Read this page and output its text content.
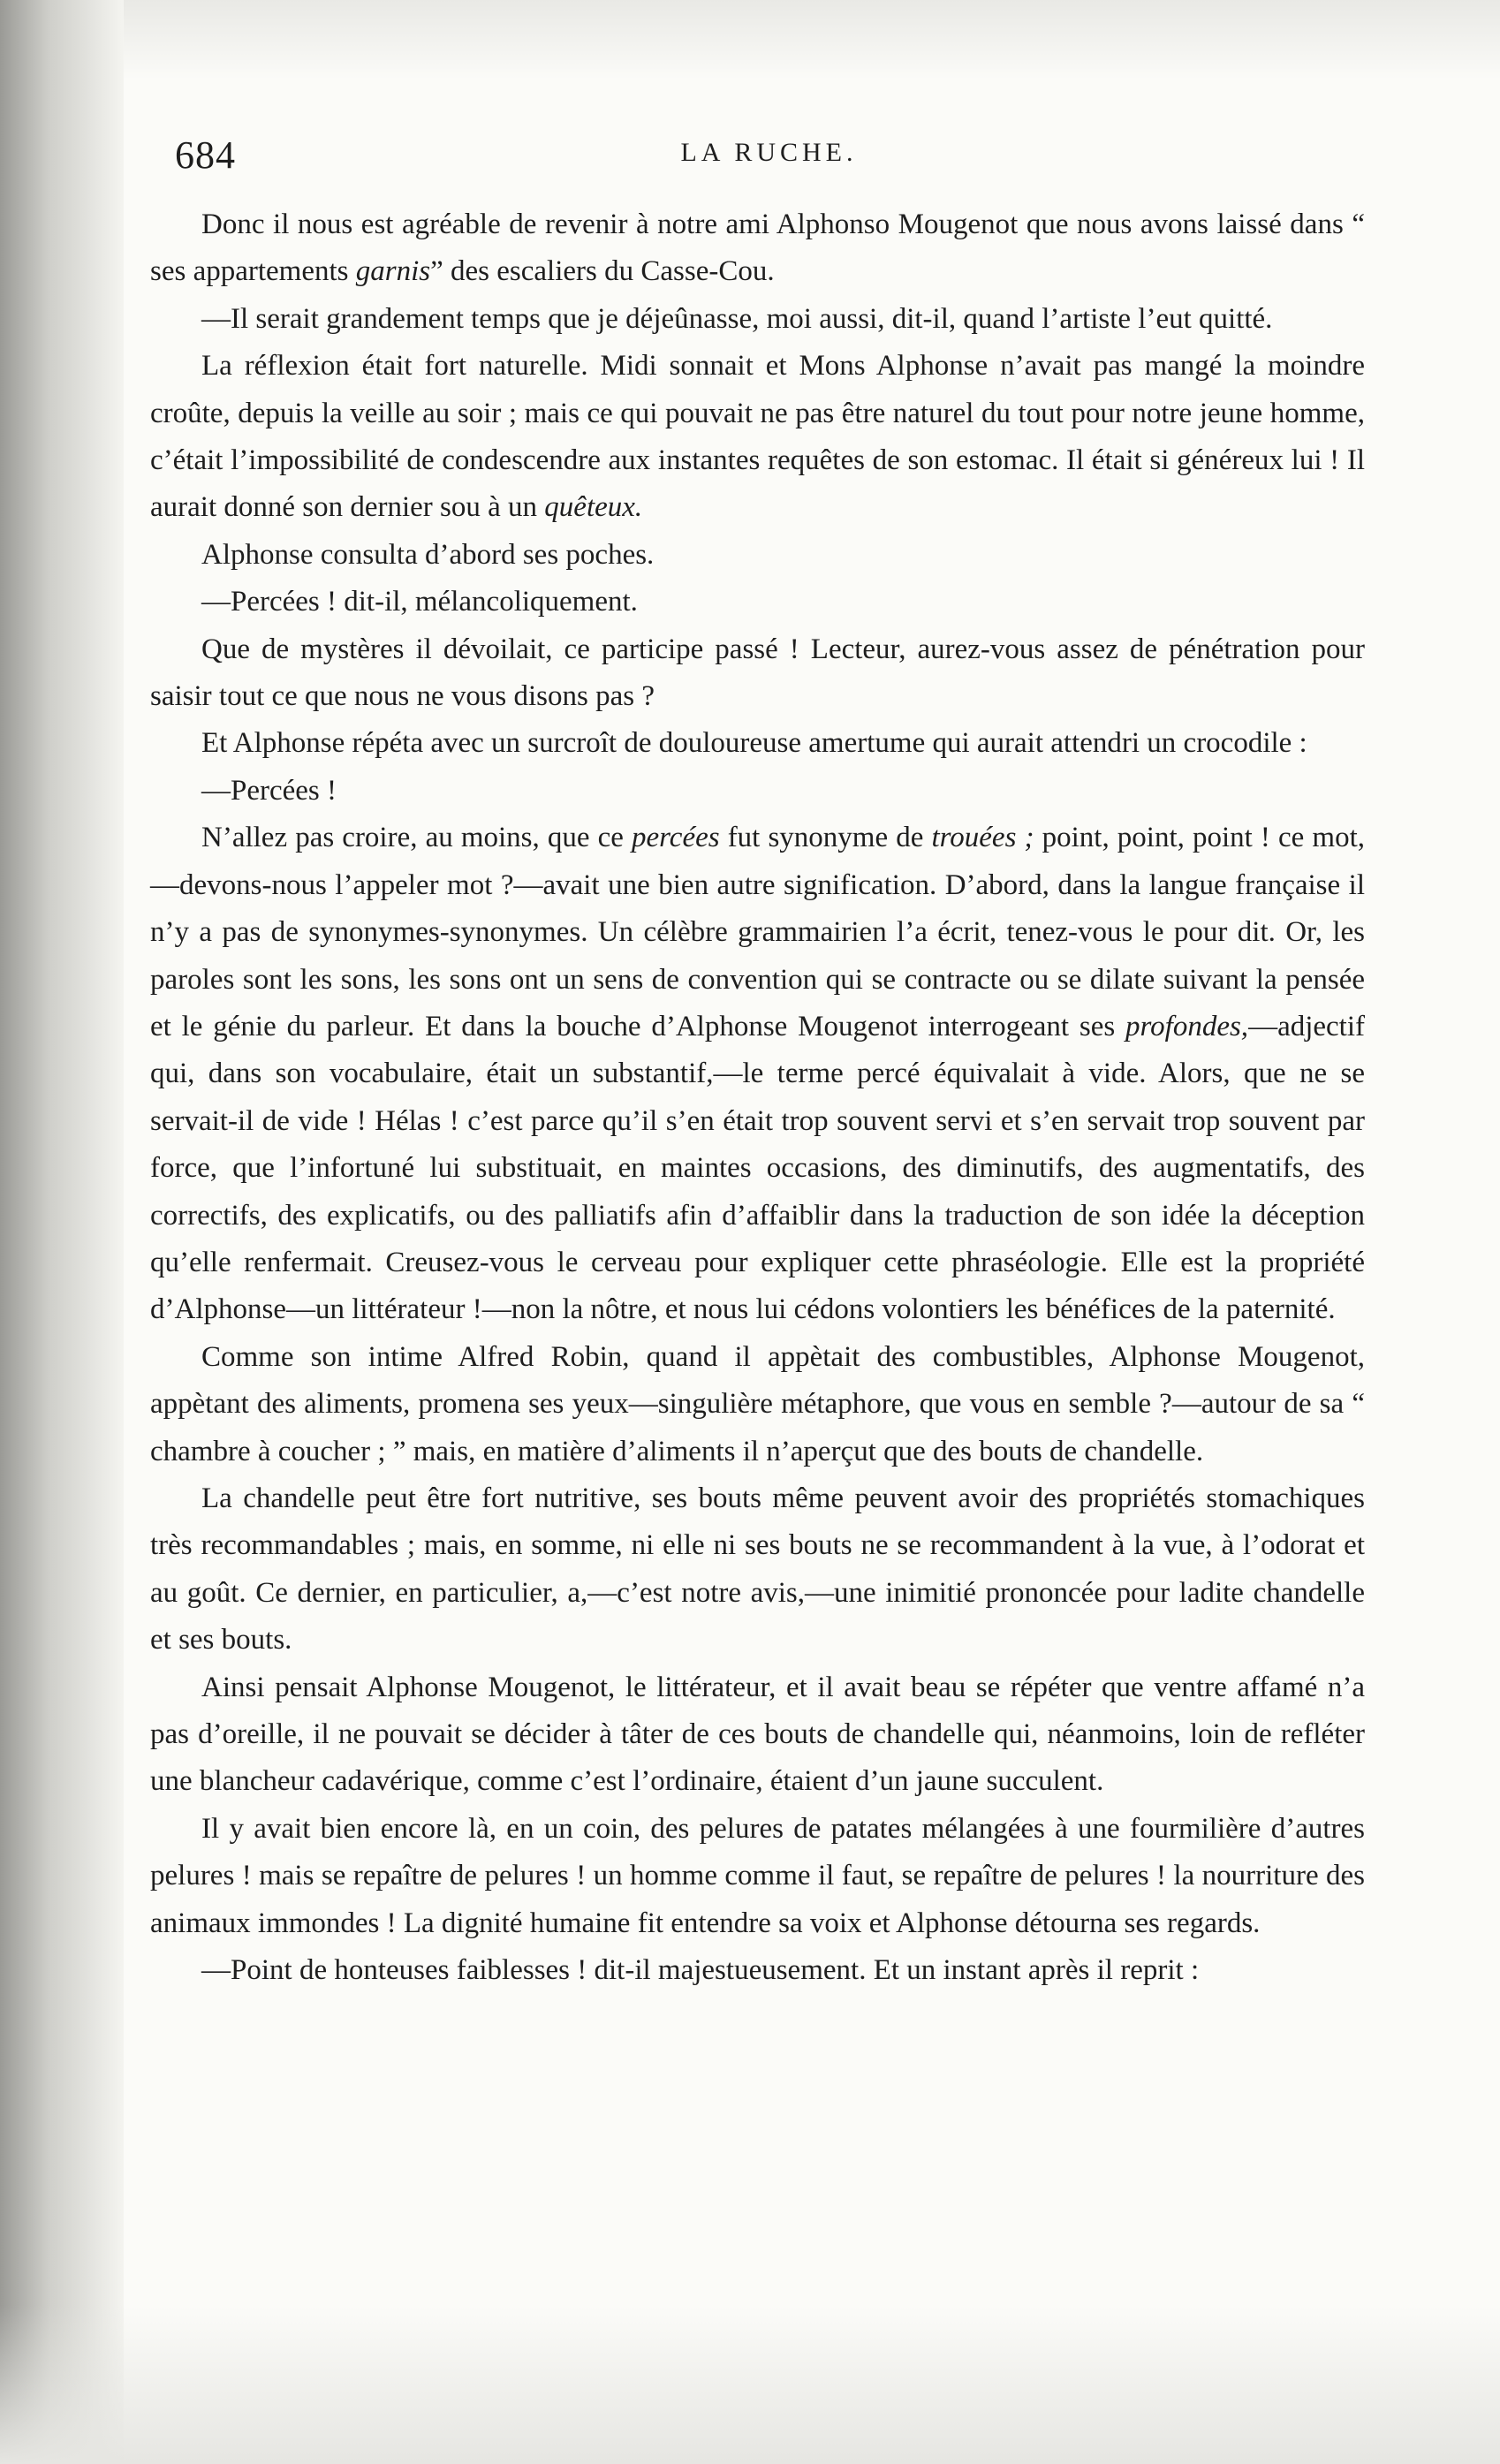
684	LA RUCHE.

Donc il nous est agréable de revenir à notre ami Alphonso Mougenot que nous avons laissé dans “ ses appartements garnis” des escaliers du Casse-Cou.

—Il serait grandement temps que je déjeûnasse, moi aussi, dit-il, quand l’artiste l’eut quitté.

La réflexion était fort naturelle. Midi sonnait et Mons Alphonse n’avait pas mangé la moindre croûte, depuis la veille au soir ; mais ce qui pouvait ne pas être naturel du tout pour notre jeune homme, c’était l’impossibilité de condescendre aux instantes requêtes de son estomac. Il était si généreux lui ! Il aurait donné son dernier sou à un quêteux.

Alphonse consulta d’abord ses poches.

—Percées ! dit-il, mélancoliquement.

Que de mystères il dévoilait, ce participe passé ! Lecteur, aurez-vous assez de pénétration pour saisir tout ce que nous ne vous disons pas ?

Et Alphonse répéta avec un surcroît de douloureuse amertume qui aurait attendri un crocodile :

—Percées !

N’allez pas croire, au moins, que ce percées fut synonyme de trouées ; point, point, point ! ce mot,—devons-nous l’appeler mot ?—avait une bien autre signification. D’abord, dans la langue française il n’y a pas de synonymes-synonymes. Un célèbre grammairien l’a écrit, tenez-vous le pour dit. Or, les paroles sont les sons, les sons ont un sens de convention qui se contracte ou se dilate suivant la pensée et le génie du parleur. Et dans la bouche d’Alphonse Mougenot interrogeant ses profondes,—adjectif qui, dans son vocabulaire, était un substantif,—le terme percé équivalait à vide. Alors, que ne se servait-il de vide ! Hélas ! c’est parce qu’il s’en était trop souvent servi et s’en servait trop souvent par force, que l’infortuné lui substituait, en maintes occasions, des diminutifs, des augmentatifs, des correctifs, des explicatifs, ou des palliatifs afin d’affaiblir dans la traduction de son idée la déception qu’elle renfermait. Creusez-vous le cerveau pour expliquer cette phraséologie. Elle est la propriété d’Alphonse—un littérateur !—non la nôtre, et nous lui cédons volontiers les bénéfices de la paternité.

Comme son intime Alfred Robin, quand il appètait des combustibles, Alphonse Mougenot, appètant des aliments, promena ses yeux—singulière métaphore, que vous en semble ?—autour de sa “ chambre à coucher ; ” mais, en matière d’aliments il n’aperçut que des bouts de chandelle.

La chandelle peut être fort nutritive, ses bouts même peuvent avoir des propriétés stomachiques très recommandables ; mais, en somme, ni elle ni ses bouts ne se recommandent à la vue, à l’odorat et au goût. Ce dernier, en particulier, a,—c’est notre avis,—une inimitié prononcée pour ladite chandelle et ses bouts.

Ainsi pensait Alphonse Mougenot, le littérateur, et il avait beau se répéter que ventre affamé n’a pas d’oreille, il ne pouvait se décider à tâter de ces bouts de chandelle qui, néanmoins, loin de refléter une blancheur cadavérique, comme c’est l’ordinaire, étaient d’un jaune succulent.

Il y avait bien encore là, en un coin, des pelures de patates mélangées à une fourmilière d’autres pelures ! mais se repaître de pelures ! un homme comme il faut, se repaître de pelures ! la nourriture des animaux immondes ! La dignité humaine fit entendre sa voix et Alphonse détourna ses regards.

—Point de honteuses faiblesses ! dit-il majestueusement. Et un instant après il reprit :
